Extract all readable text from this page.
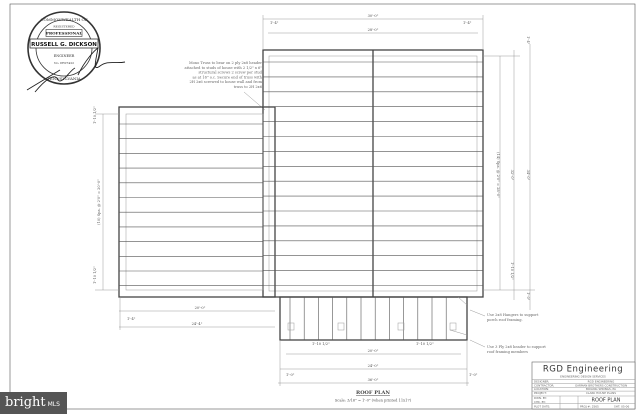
COMMONWEALTH OF
PENNSYLVANIA
REGISTERED
PROFESSIONAL
RUSSELL G. DICKSON
ENGINEER
No. PE07422	Mono Truss to bear on 2 ply 2x8 header
attached to studs of house with 2 1/2" x 6"
structural screws 2 screw per stud
as at 16" o.c. Secure end of truss with
2H 2x6 screwed to house wall and from
truss to 2H 2x6
30'-0"
28'-0"
1'-4"	1'-4"
(14) Spa. @ 2'0" = 28'-0"	32'-0"	34'-0"
1'-10 1/2"
1'-0"
1'-4"
(10) Spa. @ 2'0" = 20'-0"
1'-10 1/2"
1'-10 1/2"
20'-0"
24'-4"
1'-4"
1'-10 1/2"	1'-10 1/2"
20'-0"
24'-0"
1'-0"	1'-0"
36'-0"
Use 2x8 Hangers to support
porch roof framing.
Use 3 Ply 2x8 header to support
roof framing members
ROOF PLAN
Scale: 3/16" = 1'-0" (when printed 11x17)
RGD Engineering
ENGINEERING DESIGN SERVICES
DESIGNER:	RGD ENGINEERING
CONTRACTOR:	GARMAN BROTHERS CONSTRUCTION
LOCATION:	BOILING SPRINGS, PA
PROJECT:	CLARK HOUSE PLANS
DWN. BY:
CHK. BY:
PLOT DATE:
ROOF PLAN
PROJ #: 2565	SHT: 05-06
bright MLS
